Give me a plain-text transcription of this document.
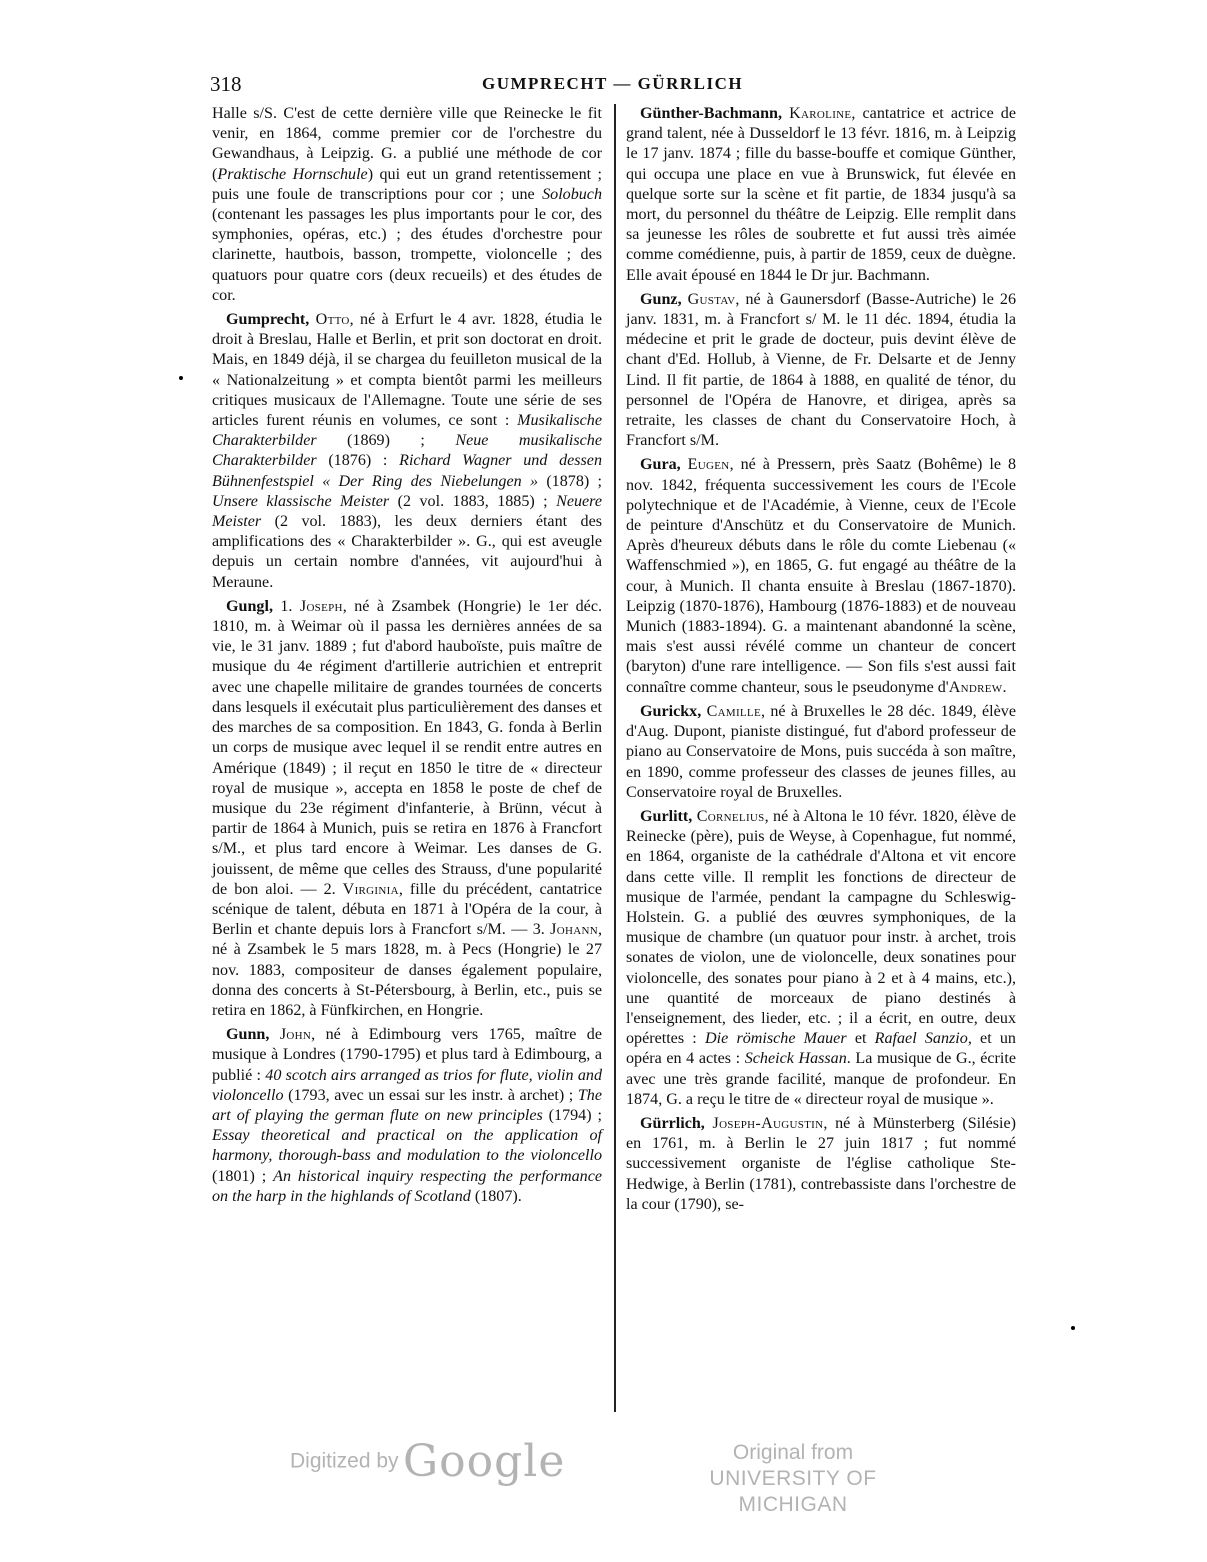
318	GUMPRECHT — GÜRRLICH

Halle s/S. C'est de cette dernière ville que Reinecke le fit venir, en 1864, comme premier cor de l'orchestre du Gewandhaus, à Leipzig. G. a publié une méthode de cor (Praktische Hornschule) qui eut un grand retentissement ; puis une foule de transcriptions pour cor ; une Solobuch (contenant les passages les plus importants pour le cor, des symphonies, opéras, etc.) ; des études d'orchestre pour clarinette, hautbois, basson, trompette, violoncelle ; des quatuors pour quatre cors (deux recueils) et des études de cor.

Gumprecht, Otto, né à Erfurt le 4 avr. 1828, étudia le droit à Breslau, Halle et Berlin, et prit son doctorat en droit. Mais, en 1849 déjà, il se chargea du feuilleton musical de la « Nationalzeitung » et compta bientôt parmi les meilleurs critiques musicaux de l'Allemagne. Toute une série de ses articles furent réunis en volumes, ce sont : Musikalische Charakterbilder (1869) ; Neue musikalische Charakterbilder (1876) : Richard Wagner und dessen Bühnenfestspiel « Der Ring des Niebelungen » (1878) ; Unsere klassische Meister (2 vol. 1883, 1885) ; Neuere Meister (2 vol. 1883), les deux derniers étant des amplifications des « Charakterbilder ». G., qui est aveugle depuis un certain nombre d'années, vit aujourd'hui à Meraune.

Gungl, 1. Joseph, né à Zsambek (Hongrie) le 1er déc. 1810, m. à Weimar où il passa les dernières années de sa vie, le 31 janv. 1889 ; fut d'abord hauboïste, puis maître de musique du 4e régiment d'artillerie autrichien et entreprit avec une chapelle militaire de grandes tournées de concerts dans lesquels il exécutait plus particulièrement des danses et des marches de sa composition. En 1843, G. fonda à Berlin un corps de musique avec lequel il se rendit entre autres en Amérique (1849) ; il reçut en 1850 le titre de « directeur royal de musique », accepta en 1858 le poste de chef de musique du 23e régiment d'infanterie, à Brünn, vécut à partir de 1864 à Munich, puis se retira en 1876 à Francfort s/M., et plus tard encore à Weimar. Les danses de G. jouissent, de même que celles des Strauss, d'une popularité de bon aloi. — 2. Virginia, fille du précédent, cantatrice scénique de talent, débuta en 1871 à l'Opéra de la cour, à Berlin et chante depuis lors à Francfort s/M. — 3. Johann, né à Zsambek le 5 mars 1828, m. à Pecs (Hongrie) le 27 nov. 1883, compositeur de danses également populaire, donna des concerts à St-Pétersbourg, à Berlin, etc., puis se retira en 1862, à Fünfkirchen, en Hongrie.

Gunn, John, né à Edimbourg vers 1765, maître de musique à Londres (1790-1795) et plus tard à Edimbourg, a publié : 40 scotch airs arranged as trios for flute, violin and violoncello (1793, avec un essai sur les instr. à archet) ; The art of playing the german flute on new principles (1794) ; Essay theoretical and practical on the application of harmony, thorough-bass and modulation to the violoncello (1801) ; An historical inquiry respecting the performance on the harp in the highlands of Scotland (1807).

Günther-Bachmann, Karoline, cantatrice et actrice de grand talent, née à Dusseldorf le 13 févr. 1816, m. à Leipzig le 17 janv. 1874 ; fille du basse-bouffe et comique Günther, qui occupa une place en vue à Brunswick, fut élevée en quelque sorte sur la scène et fit partie, de 1834 jusqu'à sa mort, du personnel du théâtre de Leipzig. Elle remplit dans sa jeunesse les rôles de soubrette et fut aussi très aimée comme comédienne, puis, à partir de 1859, ceux de duègne. Elle avait épousé en 1844 le Dr jur. Bachmann.

Gunz, Gustav, né à Gaunersdorf (Basse-Autriche) le 26 janv. 1831, m. à Francfort s/ M. le 11 déc. 1894, étudia la médecine et prit le grade de docteur, puis devint élève de chant d'Ed. Hollub, à Vienne, de Fr. Delsarte et de Jenny Lind. Il fit partie, de 1864 à 1888, en qualité de ténor, du personnel de l'Opéra de Hanovre, et dirigea, après sa retraite, les classes de chant du Conservatoire Hoch, à Francfort s/M.

Gura, Eugen, né à Pressern, près Saatz (Bohême) le 8 nov. 1842, fréquenta successivement les cours de l'Ecole polytechnique et de l'Académie, à Vienne, ceux de l'Ecole de peinture d'Anschütz et du Conservatoire de Munich. Après d'heureux débuts dans le rôle du comte Liebenau (« Waffenschmied »), en 1865, G. fut engagé au théâtre de la cour, à Munich. Il chanta ensuite à Breslau (1867-1870). Leipzig (1870-1876), Hambourg (1876-1883) et de nouveau Munich (1883-1894). G. a maintenant abandonné la scène, mais s'est aussi révélé comme un chanteur de concert (baryton) d'une rare intelligence. — Son fils s'est aussi fait connaître comme chanteur, sous le pseudonyme d'Andrew.

Gurickx, Camille, né à Bruxelles le 28 déc. 1849, élève d'Aug. Dupont, pianiste distingué, fut d'abord professeur de piano au Conservatoire de Mons, puis succéda à son maître, en 1890, comme professeur des classes de jeunes filles, au Conservatoire royal de Bruxelles.

Gurlitt, Cornelius, né à Altona le 10 févr. 1820, élève de Reinecke (père), puis de Weyse, à Copenhague, fut nommé, en 1864, organiste de la cathédrale d'Altona et vit encore dans cette ville. Il remplit les fonctions de directeur de musique de l'armée, pendant la campagne du Schleswig-Holstein. G. a publié des œuvres symphoniques, de la musique de chambre (un quatuor pour instr. à archet, trois sonates de violon, une de violoncelle, deux sonatines pour violoncelle, des sonates pour piano à 2 et à 4 mains, etc.), une quantité de morceaux de piano destinés à l'enseignement, des lieder, etc. ; il a écrit, en outre, deux opérettes : Die römische Mauer et Rafael Sanzio, et un opéra en 4 actes : Scheick Hassan. La musique de G., écrite avec une très grande facilité, manque de profondeur. En 1874, G. a reçu le titre de « directeur royal de musique ».

Gürrlich, Joseph-Augustin, né à Münsterberg (Silésie) en 1761, m. à Berlin le 27 juin 1817 ; fut nommé successivement organiste de l'église catholique Ste-Hedwige, à Berlin (1781), contrebassiste dans l'orchestre de la cour (1790), se-

Digitized by Google	Original from
UNIVERSITY OF MICHIGAN
